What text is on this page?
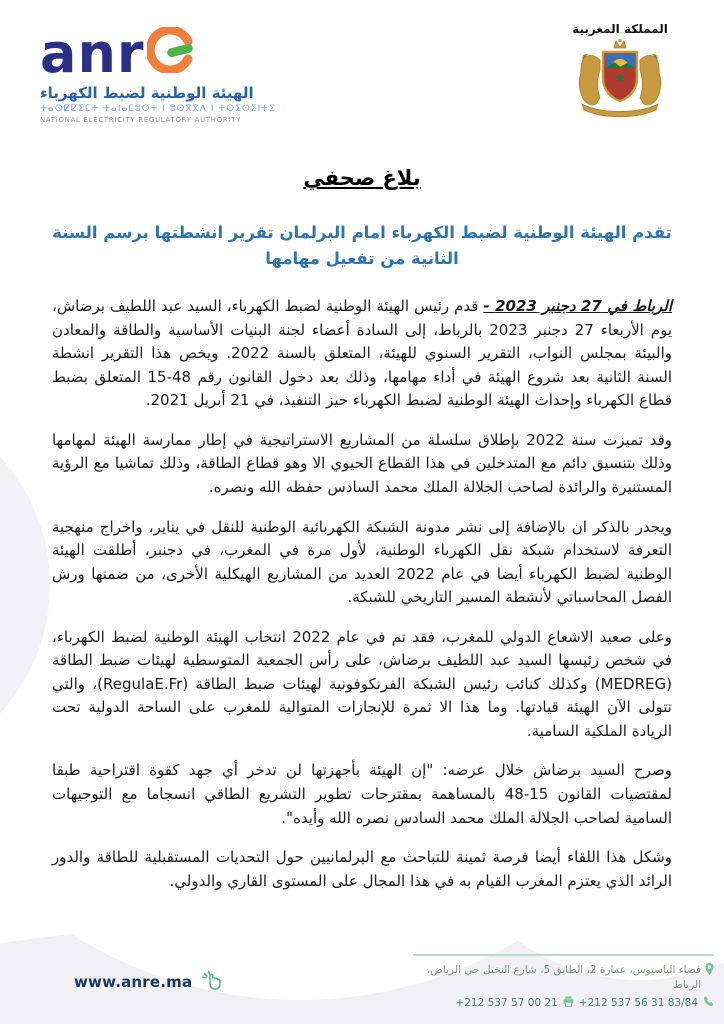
anr
الهيئة الوطنية لضبط الكهرباء
ⵜⴰⵙⵇⵇⵉⵎⵜ ⵜⴰⵏⴰⵎⵓⵔⵜ ⵏ ⵓⵙⴳⴳⴷ ⵏ ⵜⵔⵉⵙⵉⵏⵜⵉ
NATIONAL ELECTRICITY REGULATORY AUTHORITY
المملكة المغربية
بلاغ صحفي
تقدم الهيئة الوطنية لضبط الكهرباء امام البرلمان تقرير انشطتها برسم السنة الثانية من تفعيل مهامها

الرباط في 27 دجنبر 2023 - قدم رئيس الهيئة الوطنية لضبط الكهرباء، السيد عبد اللطيف برضاش، يوم الأربعاء 27 دجنبر 2023 بالرباط، إلى السادة أعضاء لجنة البنيات الأساسية والطاقة والمعادن والبيئة بمجلس النواب، التقرير السنوي للهيئة، المتعلق بالسنة 2022. ويخص هذا التقرير انشطة السنة الثانية بعد شروع الهيئة في أداء مهامها، وذلك بعد دخول القانون رقم 48-15 المتعلق بضبط قطاع الكهرباء وإحداث الهيئة الوطنية لضبط الكهرباء حيز التنفيذ، في 21 أبريل 2021.

وقد تميزت سنة 2022 بإطلاق سلسلة من المشاريع الاستراتيجية في إطار ممارسة الهيئة لمهامها وذلك بتنسيق دائم مع المتدخلين في هذا القطاع الحيوي الا وهو قطاع الطاقة، وذلك تماشيا مع الرؤية المستنيرة والرائدة لصاحب الجلالة الملك محمد السادس حفظه الله ونصره.

ويجدر بالذكر ان بالإضافة إلى نشر مدونة الشبكة الكهربائية الوطنية للنقل في يناير، واخراج منهجية التعرفة لاستخدام شبكة نقل الكهرباء الوطنية، لأول مرة في المغرب، في دجنبر، أطلقت الهيئة الوطنية لضبط الكهرباء أيضا في عام 2022 العديد من المشاريع الهيكلية الأخرى، من ضمنها ورش الفصل المحاسباتي لأنشطة المسير التاريخي للشبكة.

وعلى صعيد الاشعاع الدولي للمغرب، فقد تم في عام 2022 انتخاب الهيئة الوطنية لضبط الكهرباء، في شخص رئيسها السيد عبد اللطيف برضاش، على رأس الجمعية المتوسطية لهيئات ضبط الطاقة (MEDREG) وكذلك كنائب رئيس الشبكة الفرنكوفونية لهيئات ضبط الطاقة (RegulaE.Fr)، والتي تتولى الآن الهيئة قيادتها. وما هذا الا ثمرة للإنجازات المتوالية للمغرب على الساحة الدولية تحت الريادة الملكية السامية.

وصرح السيد برضاش خلال عرضه: "إن الهيئة بأجهزتها لن تدخر أي جهد كقوة اقتراحية طبقا لمقتضيات القانون 15-48 بالمساهمة بمقترحات تطوير التشريع الطاقي انسجاما مع التوجيهات السامية لصاحب الجلالة الملك محمد السادس نصره الله وأيده".

وشكل هذا اللقاء أيضا فرصة ثمينة للتباحث مع البرلمانيين حول التحديات المستقبلية للطاقة والدور الرائد الذي يعتزم المغرب القيام به في هذا المجال على المستوى القاري والدولي.

www.anre.ma
فضاء الباسيوس، عمارة 2، الطابق 5، شارع النخيل حي الرياض، الرباط
+212 537 56 31 83/84
+212 537 57 00 21
